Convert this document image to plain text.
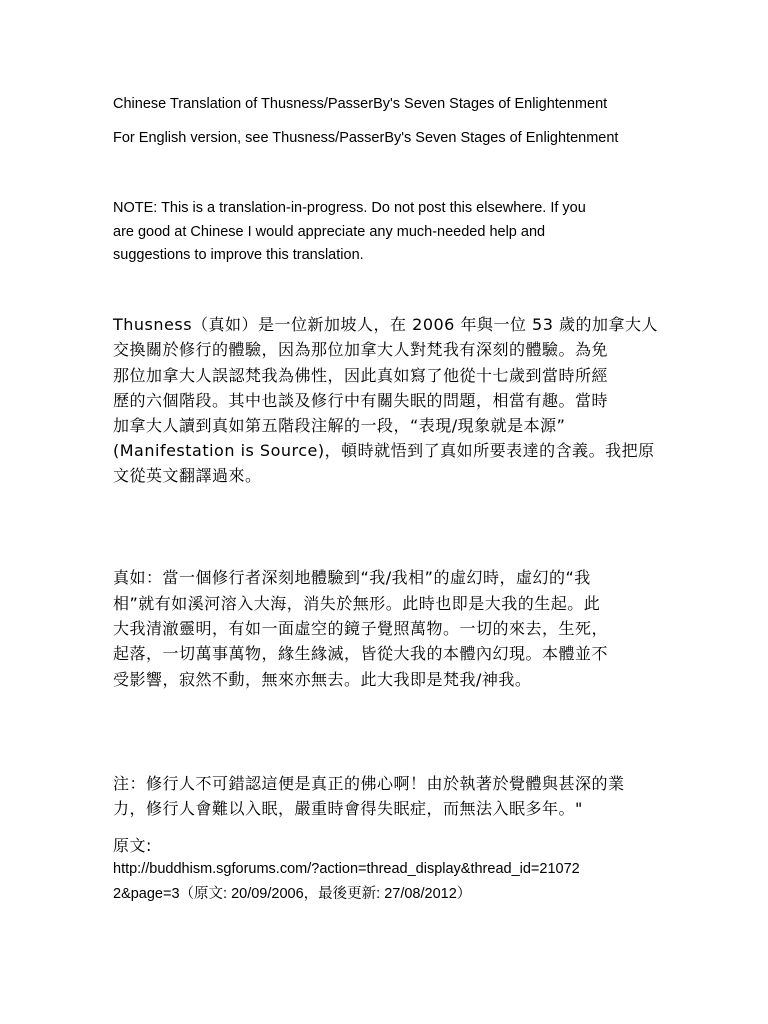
Chinese Translation of Thusness/PasserBy's Seven Stages of Enlightenment
For English version, see Thusness/PasserBy's Seven Stages of Enlightenment
NOTE: This is a translation-in-progress. Do not post this elsewhere. If you
are good at Chinese I would appreciate any much-needed help and
suggestions to improve this translation.
Thusness（真如）是一位新加坡人，在 2006 年與一位 53 歲的加拿大人
交換關於修行的體驗，因為那位加拿大人對梵我有深刻的體驗。為免
那位加拿大人誤認梵我為佛性，因此真如寫了他從十七歲到當時所經
歷的六個階段。其中也談及修行中有關失眠的問題，相當有趣。當時
加拿大人讀到真如第五階段注解的一段，“表現/現象就是本源”
(Manifestation is Source)，頓時就悟到了真如所要表達的含義。我把原
文從英文翻譯過來。
真如：當一個修行者深刻地體驗到“我/我相”的虛幻時，虛幻的“我
相”就有如溪河溶入大海，消失於無形。此時也即是大我的生起。此
大我清澈靈明，有如一面虛空的鏡子覺照萬物。一切的來去，生死，
起落，一切萬事萬物，緣生緣滅，皆從大我的本體內幻現。本體並不
受影響，寂然不動，無來亦無去。此大我即是梵我/神我。
注：修行人不可錯認這便是真正的佛心啊！由於執著於覺體與甚深的業
力，修行人會難以入眠，嚴重時會得失眠症，而無法入眠多年。"
原文:
http://buddhism.sgforums.com/?action=thread_display&thread_id=21072
2&page=3（原文: 20/09/2006，最後更新: 27/08/2012）
